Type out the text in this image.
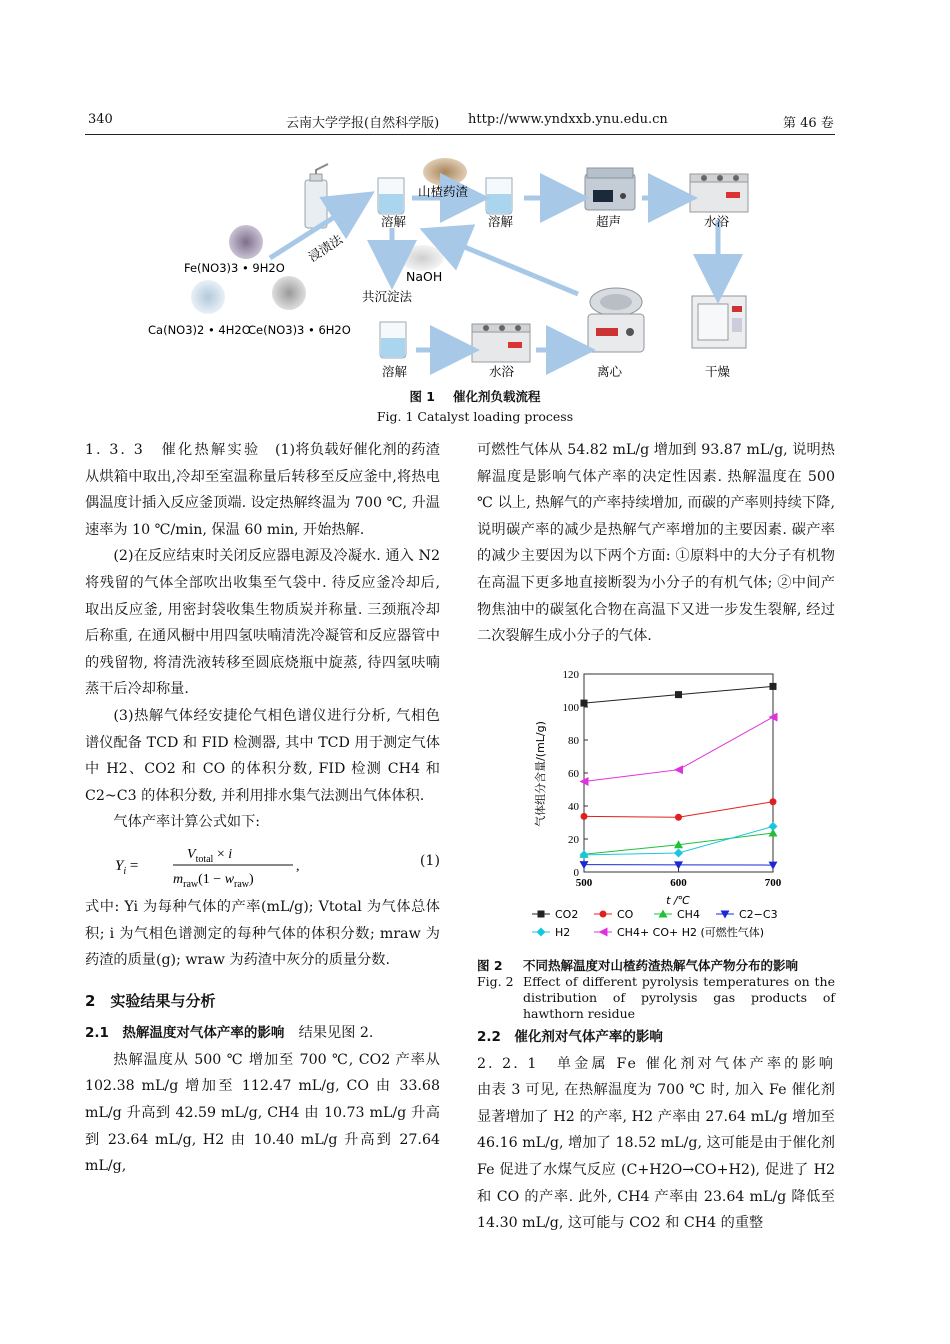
340	云南大学学报(自然科学版) http://www.yndxxb.ynu.edu.cn	第 46 卷
溶解
山楂药渣
溶解	超声	水浴
浸渍法
NaOH
共沉淀法
溶解	水浴	离心	干燥
Fe(NO3)3 • 9H2O
Ca(NO3)2 • 4H2O
Ce(NO3)3 • 6H2O
图 1 催化剂负载流程
Fig. 1 Catalyst loading process

1. 3. 3　催化热解实验　 (1)将负载好催化剂的药渣从烘箱中取出,冷却至室温称量后转移至反应釜中,将热电偶温度计插入反应釜顶端. 设定热解终温为 700 ℃, 升温速率为 10 ℃/min, 保温 60 min, 开始热解.

(2)在反应结束时关闭反应器电源及冷凝水. 通入 N2 将残留的气体全部吹出收集至气袋中. 待反应釜冷却后, 取出反应釜, 用密封袋收集生物质炭并称量. 三颈瓶冷却后称重, 在通风橱中用四氢呋喃清洗冷凝管和反应器管中的残留物, 将清洗液转移至圆底烧瓶中旋蒸, 待四氢呋喃蒸干后冷却称量.

(3)热解气体经安捷伦气相色谱仪进行分析, 气相色谱仪配备 TCD 和 FID 检测器, 其中 TCD 用于测定气体中 H2、CO2 和 CO 的体积分数, FID 检测 CH4 和 C2~C3 的体积分数, 并利用排水集气法测出气体体积.

气体产率计算公式如下:

$Y_i$ =
$V_{total} \times i$
$m_{raw}(1 - w_{raw})$
,	(1)

式中: Yi 为每种气体的产率(mL/g); Vtotal 为气体总体积; i 为气相色谱测定的每种气体的体积分数; mraw 为药渣的质量(g); wraw 为药渣中灰分的质量分数.

2　实验结果与分析

2.1　热解温度对气体产率的影响　 结果见图 2.

热解温度从 500 ℃ 增加至 700 ℃, CO2 产率从 102.38 mL/g 增加至 112.47 mL/g, CO 由 33.68 mL/g 升高到 42.59 mL/g, CH4 由 10.73 mL/g 升高到 23.64 mL/g, H2 由 10.40 mL/g 升高到 27.64 mL/g,

可燃性气体从 54.82 mL/g 增加到 93.87 mL/g, 说明热解温度是影响气体产率的决定性因素. 热解温度在 500 ℃ 以上, 热解气的产率持续增加, 而碳的产率则持续下降, 说明碳产率的减少是热解气产率增加的主要因素. 碳产率的减少主要因为以下两个方面: ①原料中的大分子有机物在高温下更多地直接断裂为小分子的有机气体; ②中间产物焦油中的碳氢化合物在高温下又进一步发生裂解, 经过二次裂解生成小分子的气体.

气体组分含量/(mL/g)
t /℃
0
20
40
60
80
100
120
500	600	700
CO2	CO	CH4	C2−C3
H2	CH4+ CO+ H2 (可燃性气体)
图 2	不同热解温度对山楂药渣热解气体产物分布的影响
Fig. 2 Effect of different pyrolysis temperatures on the distribution of pyrolysis gas products of hawthorn residue

2.2　催化剂对气体产率的影响

2. 2. 1　单金属 Fe 催化剂对气体产率的影响　由表 3 可见, 在热解温度为 700 ℃ 时, 加入 Fe 催化剂显著增加了 H2 的产率, H2 产率由 27.64 mL/g 增加至 46.16 mL/g, 增加了 18.52 mL/g, 这可能是由于催化剂 Fe 促进了水煤气反应 (C+H2O→CO+H2), 促进了 H2 和 CO 的产率. 此外, CH4 产率由 23.64 mL/g 降低至 14.30 mL/g, 这可能与 CO2 和 CH4 的重整
